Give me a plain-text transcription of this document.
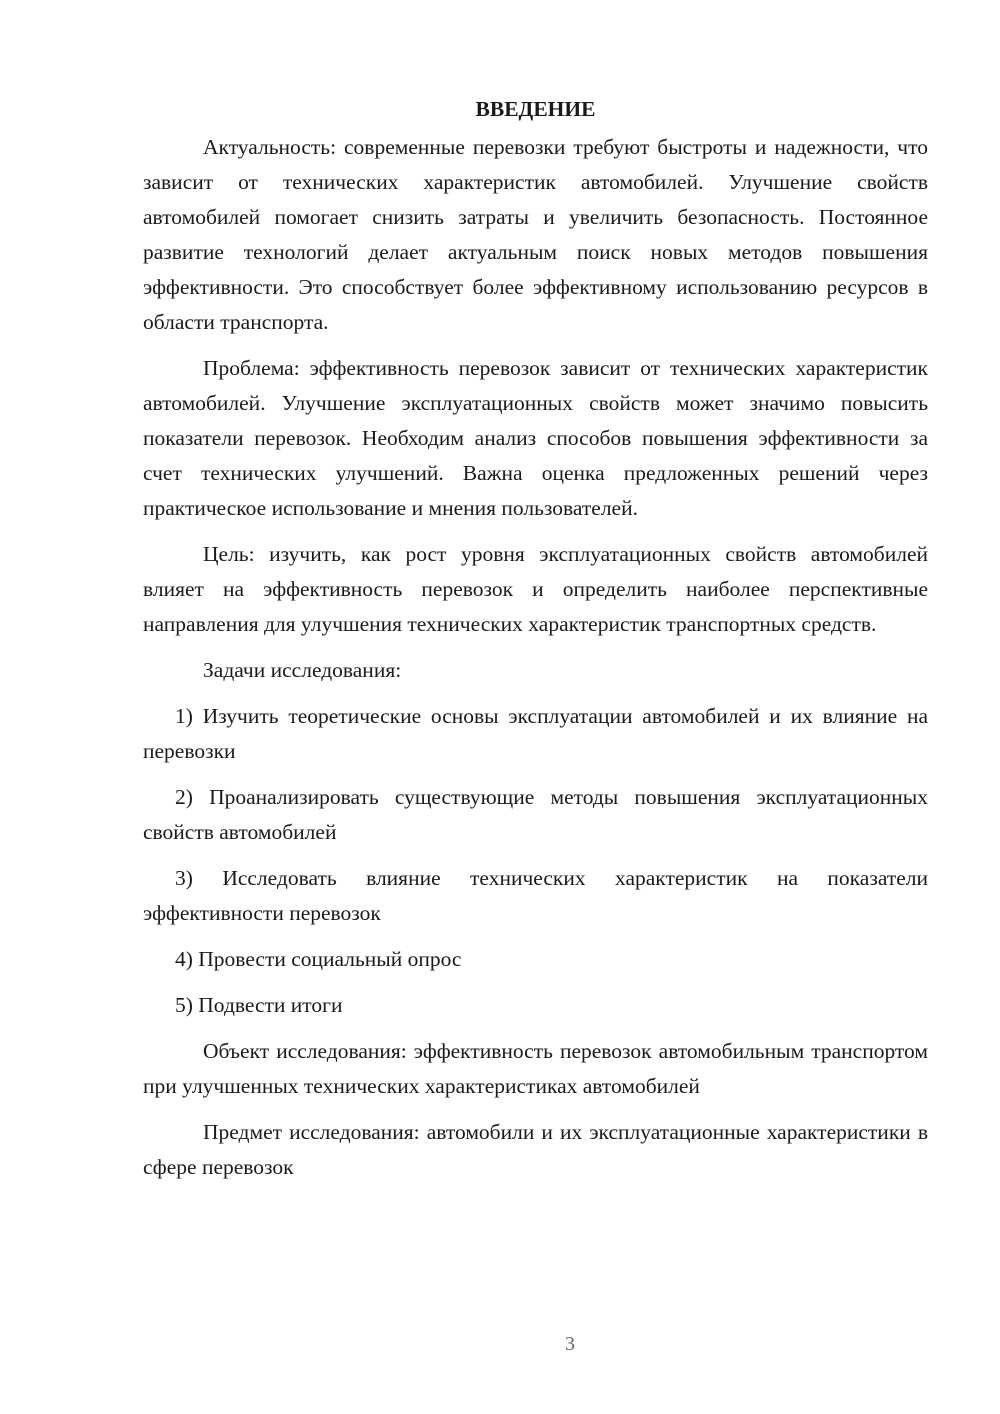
ВВЕДЕНИЕ

Актуальность: современные перевозки требуют быстроты и надежности, что зависит от технических характеристик автомобилей. Улучшение свойств автомобилей помогает снизить затраты и увеличить безопасность. Постоянное развитие технологий делает актуальным поиск новых методов повышения эффективности. Это способствует более эффективному использованию ресурсов в области транспорта.

Проблема: эффективность перевозок зависит от технических характеристик автомобилей. Улучшение эксплуатационных свойств может значимо повысить показатели перевозок. Необходим анализ способов повышения эффективности за счет технических улучшений. Важна оценка предложенных решений через практическое использование и мнения пользователей.

Цель: изучить, как рост уровня эксплуатационных свойств автомобилей влияет на эффективность перевозок и определить наиболее перспективные направления для улучшения технических характеристик транспортных средств.

Задачи исследования:

1) Изучить теоретические основы эксплуатации автомобилей и их влияние на перевозки

2) Проанализировать существующие методы повышения эксплуатационных свойств автомобилей

3) Исследовать влияние технических характеристик на показатели эффективности перевозок

4) Провести социальный опрос

5) Подвести итоги

Объект исследования: эффективность перевозок автомобильным транспортом при улучшенных технических характеристиках автомобилей

Предмет исследования: автомобили и их эксплуатационные характеристики в сфере перевозок

3
